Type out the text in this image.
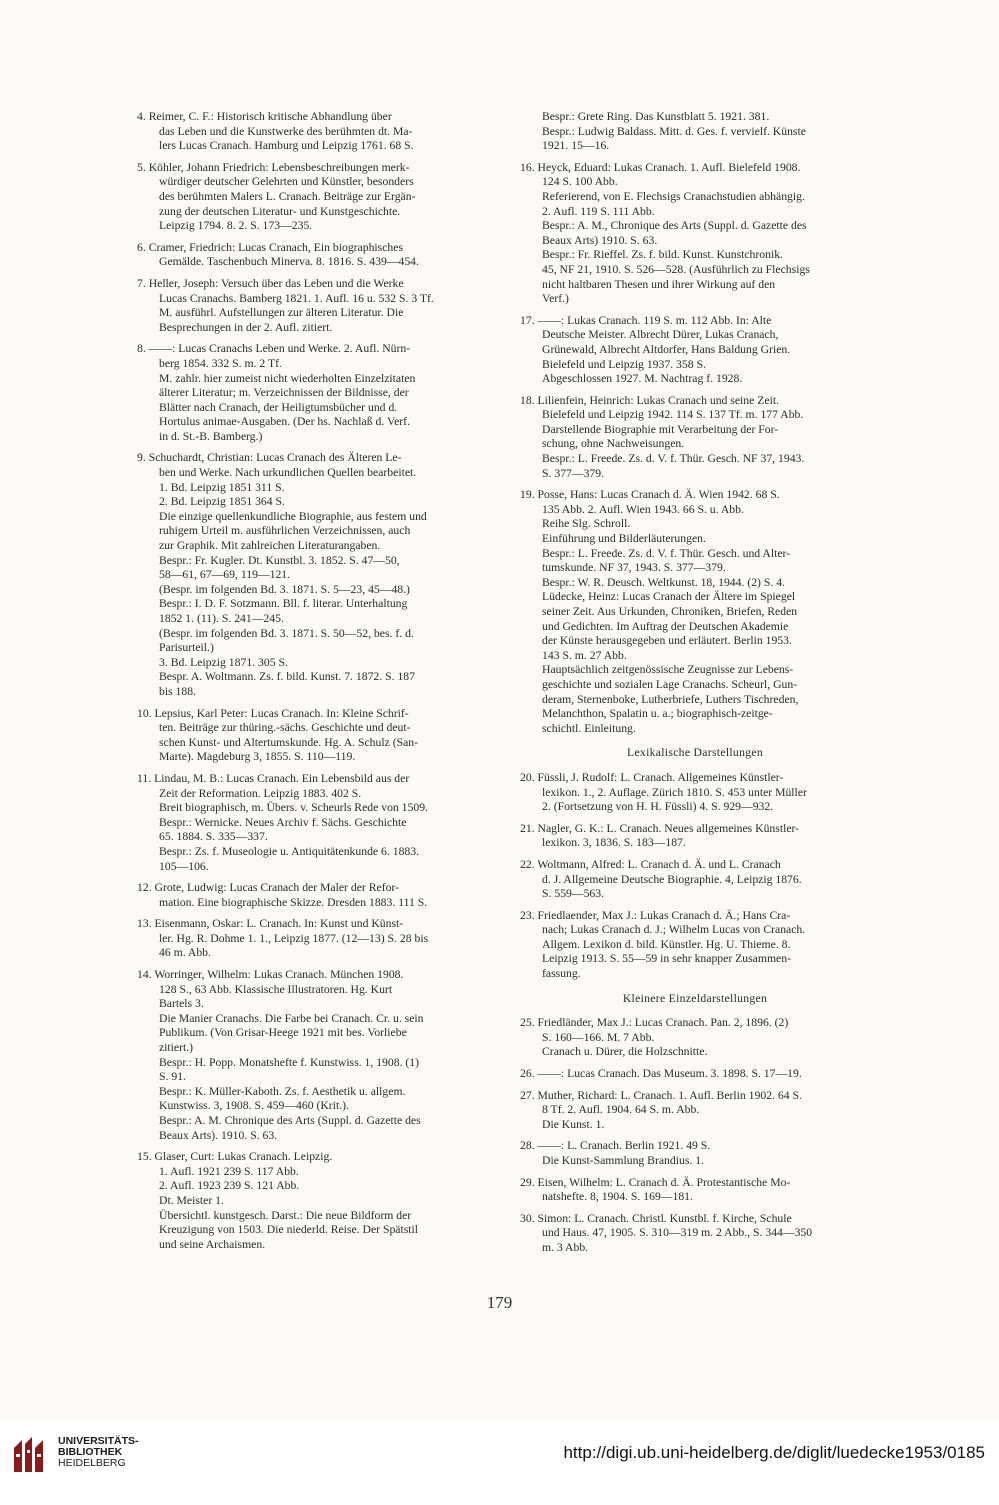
4. Reimer, C. F.: Historisch kritische Abhandlung über
das Leben und die Kunstwerke des berühmten dt. Ma-
lers Lucas Cranach. Hamburg und Leipzig 1761. 68 S.
5. Köhler, Johann Friedrich: Lebensbeschreibungen merk-
würdiger deutscher Gelehrten und Künstler, besonders
des berühmten Malers L. Cranach. Beiträge zur Ergän-
zung der deutschen Literatur- und Kunstgeschichte.
Leipzig 1794. 8. 2. S. 173—235.
6. Cramer, Friedrich: Lucas Cranach, Ein biographisches
Gemälde. Taschenbuch Minerva. 8. 1816. S. 439—454.
7. Heller, Joseph: Versuch über das Leben und die Werke
Lucas Cranachs. Bamberg 1821. 1. Aufl. 16 u. 532 S. 3 Tf.
M. ausführl. Aufstellungen zur älteren Literatur. Die
Besprechungen in der 2. Aufl. zitiert.
8. ——: Lucas Cranachs Leben und Werke. 2. Aufl. Nürn-
berg 1854. 332 S. m. 2 Tf.
M. zahlr. hier zumeist nicht wiederholten Einzelzitaten
älterer Literatur; m. Verzeichnissen der Bildnisse, der
Blätter nach Cranach, der Heiligtumsbücher und d.
Hortulus animae-Ausgaben. (Der hs. Nachlaß d. Verf.
in d. St.-B. Bamberg.)
9. Schuchardt, Christian: Lucas Cranach des Älteren Le-
ben und Werke. Nach urkundlichen Quellen bearbeitet.
1. Bd. Leipzig 1851 311 S.
2. Bd. Leipzig 1851 364 S.
Die einzige quellenkundliche Biographie, aus festem und
ruhigem Urteil m. ausführlichen Verzeichnissen, auch
zur Graphik. Mit zahlreichen Literaturangaben.
Bespr.: Fr. Kugler. Dt. Kunstbl. 3. 1852. S. 47—50,
58—61, 67—69, 119—121.
(Bespr. im folgenden Bd. 3. 1871. S. 5—23, 45—48.)
Bespr.: I. D. F. Sotzmann. Bll. f. literar. Unterhaltung
1852 1. (11). S. 241—245.
(Bespr. im folgenden Bd. 3. 1871. S. 50—52, bes. f. d.
Parisurteil.)
3. Bd. Leipzig 1871. 305 S.
Bespr. A. Woltmann. Zs. f. bild. Kunst. 7. 1872. S. 187
bis 188.
10. Lepsius, Karl Peter: Lucas Cranach. In: Kleine Schrif-
ten. Beiträge zur thüring.-sächs. Geschichte und deut-
schen Kunst- und Altertumskunde. Hg. A. Schulz (San-
Marte). Magdeburg 3, 1855. S. 110—119.
11. Lindau, M. B.: Lucas Cranach. Ein Lebensbild aus der
Zeit der Reformation. Leipzig 1883. 402 S.
Breit biographisch, m. Übers. v. Scheurls Rede von 1509.
Bespr.: Wernicke. Neues Archiv f. Sächs. Geschichte
65. 1884. S. 335—337.
Bespr.: Zs. f. Museologie u. Antiquitätenkunde 6. 1883.
105—106.
12. Grote, Ludwig: Lucas Cranach der Maler der Refor-
mation. Eine biographische Skizze. Dresden 1883. 111 S.
13. Eisenmann, Oskar: L. Cranach. In: Kunst und Künst-
ler. Hg. R. Dohme 1. 1., Leipzig 1877. (12—13) S. 28 bis
46 m. Abb.
14. Worringer, Wilhelm: Lukas Cranach. München 1908.
128 S., 63 Abb. Klassische Illustratoren. Hg. Kurt
Bartels 3.
Die Manier Cranachs. Die Farbe bei Cranach. Cr. u. sein
Publikum. (Von Grisar-Heege 1921 mit bes. Vorliebe
zitiert.)
Bespr.: H. Popp. Monatshefte f. Kunstwiss. 1, 1908. (1)
S. 91.
Bespr.: K. Müller-Kaboth. Zs. f. Aesthetik u. allgem.
Kunstwiss. 3, 1908. S. 459—460 (Krit.).
Bespr.: A. M. Chronique des Arts (Suppl. d. Gazette des
Beaux Arts). 1910. S. 63.
15. Glaser, Curt: Lukas Cranach. Leipzig.
1. Aufl. 1921 239 S. 117 Abb.
2. Aufl. 1923 239 S. 121 Abb.
Dt. Meister 1.
Übersichtl. kunstgesch. Darst.: Die neue Bildform der
Kreuzigung von 1503. Die niederld. Reise. Der Spätstil
und seine Archaismen.
Bespr.: Grete Ring. Das Kunstblatt 5. 1921. 381.
Bespr.: Ludwig Baldass. Mitt. d. Ges. f. vervielf. Künste
1921. 15—16.
16. Heyck, Eduard: Lukas Cranach. 1. Aufl. Bielefeld 1908.
124 S. 100 Abb.
Referierend, von E. Flechsigs Cranachstudien abhängig.
2. Aufl. 119 S. 111 Abb.
Bespr.: A. M., Chronique des Arts (Suppl. d. Gazette des
Beaux Arts) 1910. S. 63.
Bespr.: Fr. Rieffel. Zs. f. bild. Kunst. Kunstchronik.
45, NF 21, 1910. S. 526—528. (Ausführlich zu Flechsigs
nicht haltbaren Thesen und ihrer Wirkung auf den
Verf.)
17. ——: Lukas Cranach. 119 S. m. 112 Abb. In: Alte
Deutsche Meister. Albrecht Dürer, Lukas Cranach,
Grünewald, Albrecht Altdorfer, Hans Baldung Grien.
Bielefeld und Leipzig 1937. 358 S.
Abgeschlossen 1927. M. Nachtrag f. 1928.
18. Lilienfein, Heinrich: Lukas Cranach und seine Zeit.
Bielefeld und Leipzig 1942. 114 S. 137 Tf. m. 177 Abb.
Darstellende Biographie mit Verarbeitung der For-
schung, ohne Nachweisungen.
Bespr.: L. Freede. Zs. d. V. f. Thür. Gesch. NF 37, 1943.
S. 377—379.
19. Posse, Hans: Lucas Cranach d. Ä. Wien 1942. 68 S.
135 Abb. 2. Aufl. Wien 1943. 66 S. u. Abb.
Reihe Slg. Schroll.
Einführung und Bilderläuterungen.
Bespr.: L. Freede. Zs. d. V. f. Thür. Gesch. und Alter-
tumskunde. NF 37, 1943. S. 377—379.
Bespr.: W. R. Deusch. Weltkunst. 18, 1944. (2) S. 4.
Lüdecke, Heinz: Lucas Cranach der Ältere im Spiegel
seiner Zeit. Aus Urkunden, Chroniken, Briefen, Reden
und Gedichten. Im Auftrag der Deutschen Akademie
der Künste herausgegeben und erläutert. Berlin 1953.
143 S. m. 27 Abb.
Hauptsächlich zeitgenössische Zeugnisse zur Lebens-
geschichte und sozialen Lage Cranachs. Scheurl, Gun-
deram, Sternenboke, Lutherbriefe, Luthers Tischreden,
Melanchthon, Spalatin u. a.; biographisch-zeitge-
schichtl. Einleitung.
Lexikalische Darstellungen
20. Füssli, J. Rudolf: L. Cranach. Allgemeines Künstler-
lexikon. 1., 2. Auflage. Zürich 1810. S. 453 unter Müller
2. (Fortsetzung von H. H. Füssli) 4. S. 929—932.
21. Nagler, G. K.: L. Cranach. Neues allgemeines Künstler-
lexikon. 3, 1836. S. 183—187.
22. Woltmann, Alfred: L. Cranach d. Ä. und L. Cranach
d. J. Allgemeine Deutsche Biographie. 4, Leipzig 1876.
S. 559—563.
23. Friedlaender, Max J.: Lukas Cranach d. Ä.; Hans Cra-
nach; Lukas Cranach d. J.; Wilhelm Lucas von Cranach.
Allgem. Lexikon d. bild. Künstler. Hg. U. Thieme. 8.
Leipzig 1913. S. 55—59 in sehr knapper Zusammen-
fassung.
Kleinere Einzeldarstellungen
25. Friedländer, Max J.: Lucas Cranach. Pan. 2, 1896. (2)
S. 160—166. M. 7 Abb.
Cranach u. Dürer, die Holzschnitte.
26. ——: Lucas Cranach. Das Museum. 3. 1898. S. 17—19.
27. Muther, Richard: L. Cranach. 1. Aufl. Berlin 1902. 64 S.
8 Tf. 2. Aufl. 1904. 64 S. m. Abb.
Die Kunst. 1.
28. ——: L. Cranach. Berlin 1921. 49 S.
Die Kunst-Sammlung Brandius. 1.
29. Eisen, Wilhelm: L. Cranach d. Ä. Protestantische Mo-
natshefte. 8, 1904. S. 169—181.
30. Simon: L. Cranach. Christl. Kunstbl. f. Kirche, Schule
und Haus. 47, 1905. S. 310—319 m. 2 Abb., S. 344—350
m. 3 Abb.
179
UNIVERSITÄTS-
BIBLIOTHEK
HEIDELBERG
http://digi.ub.uni-heidelberg.de/diglit/luedecke1953/0185
